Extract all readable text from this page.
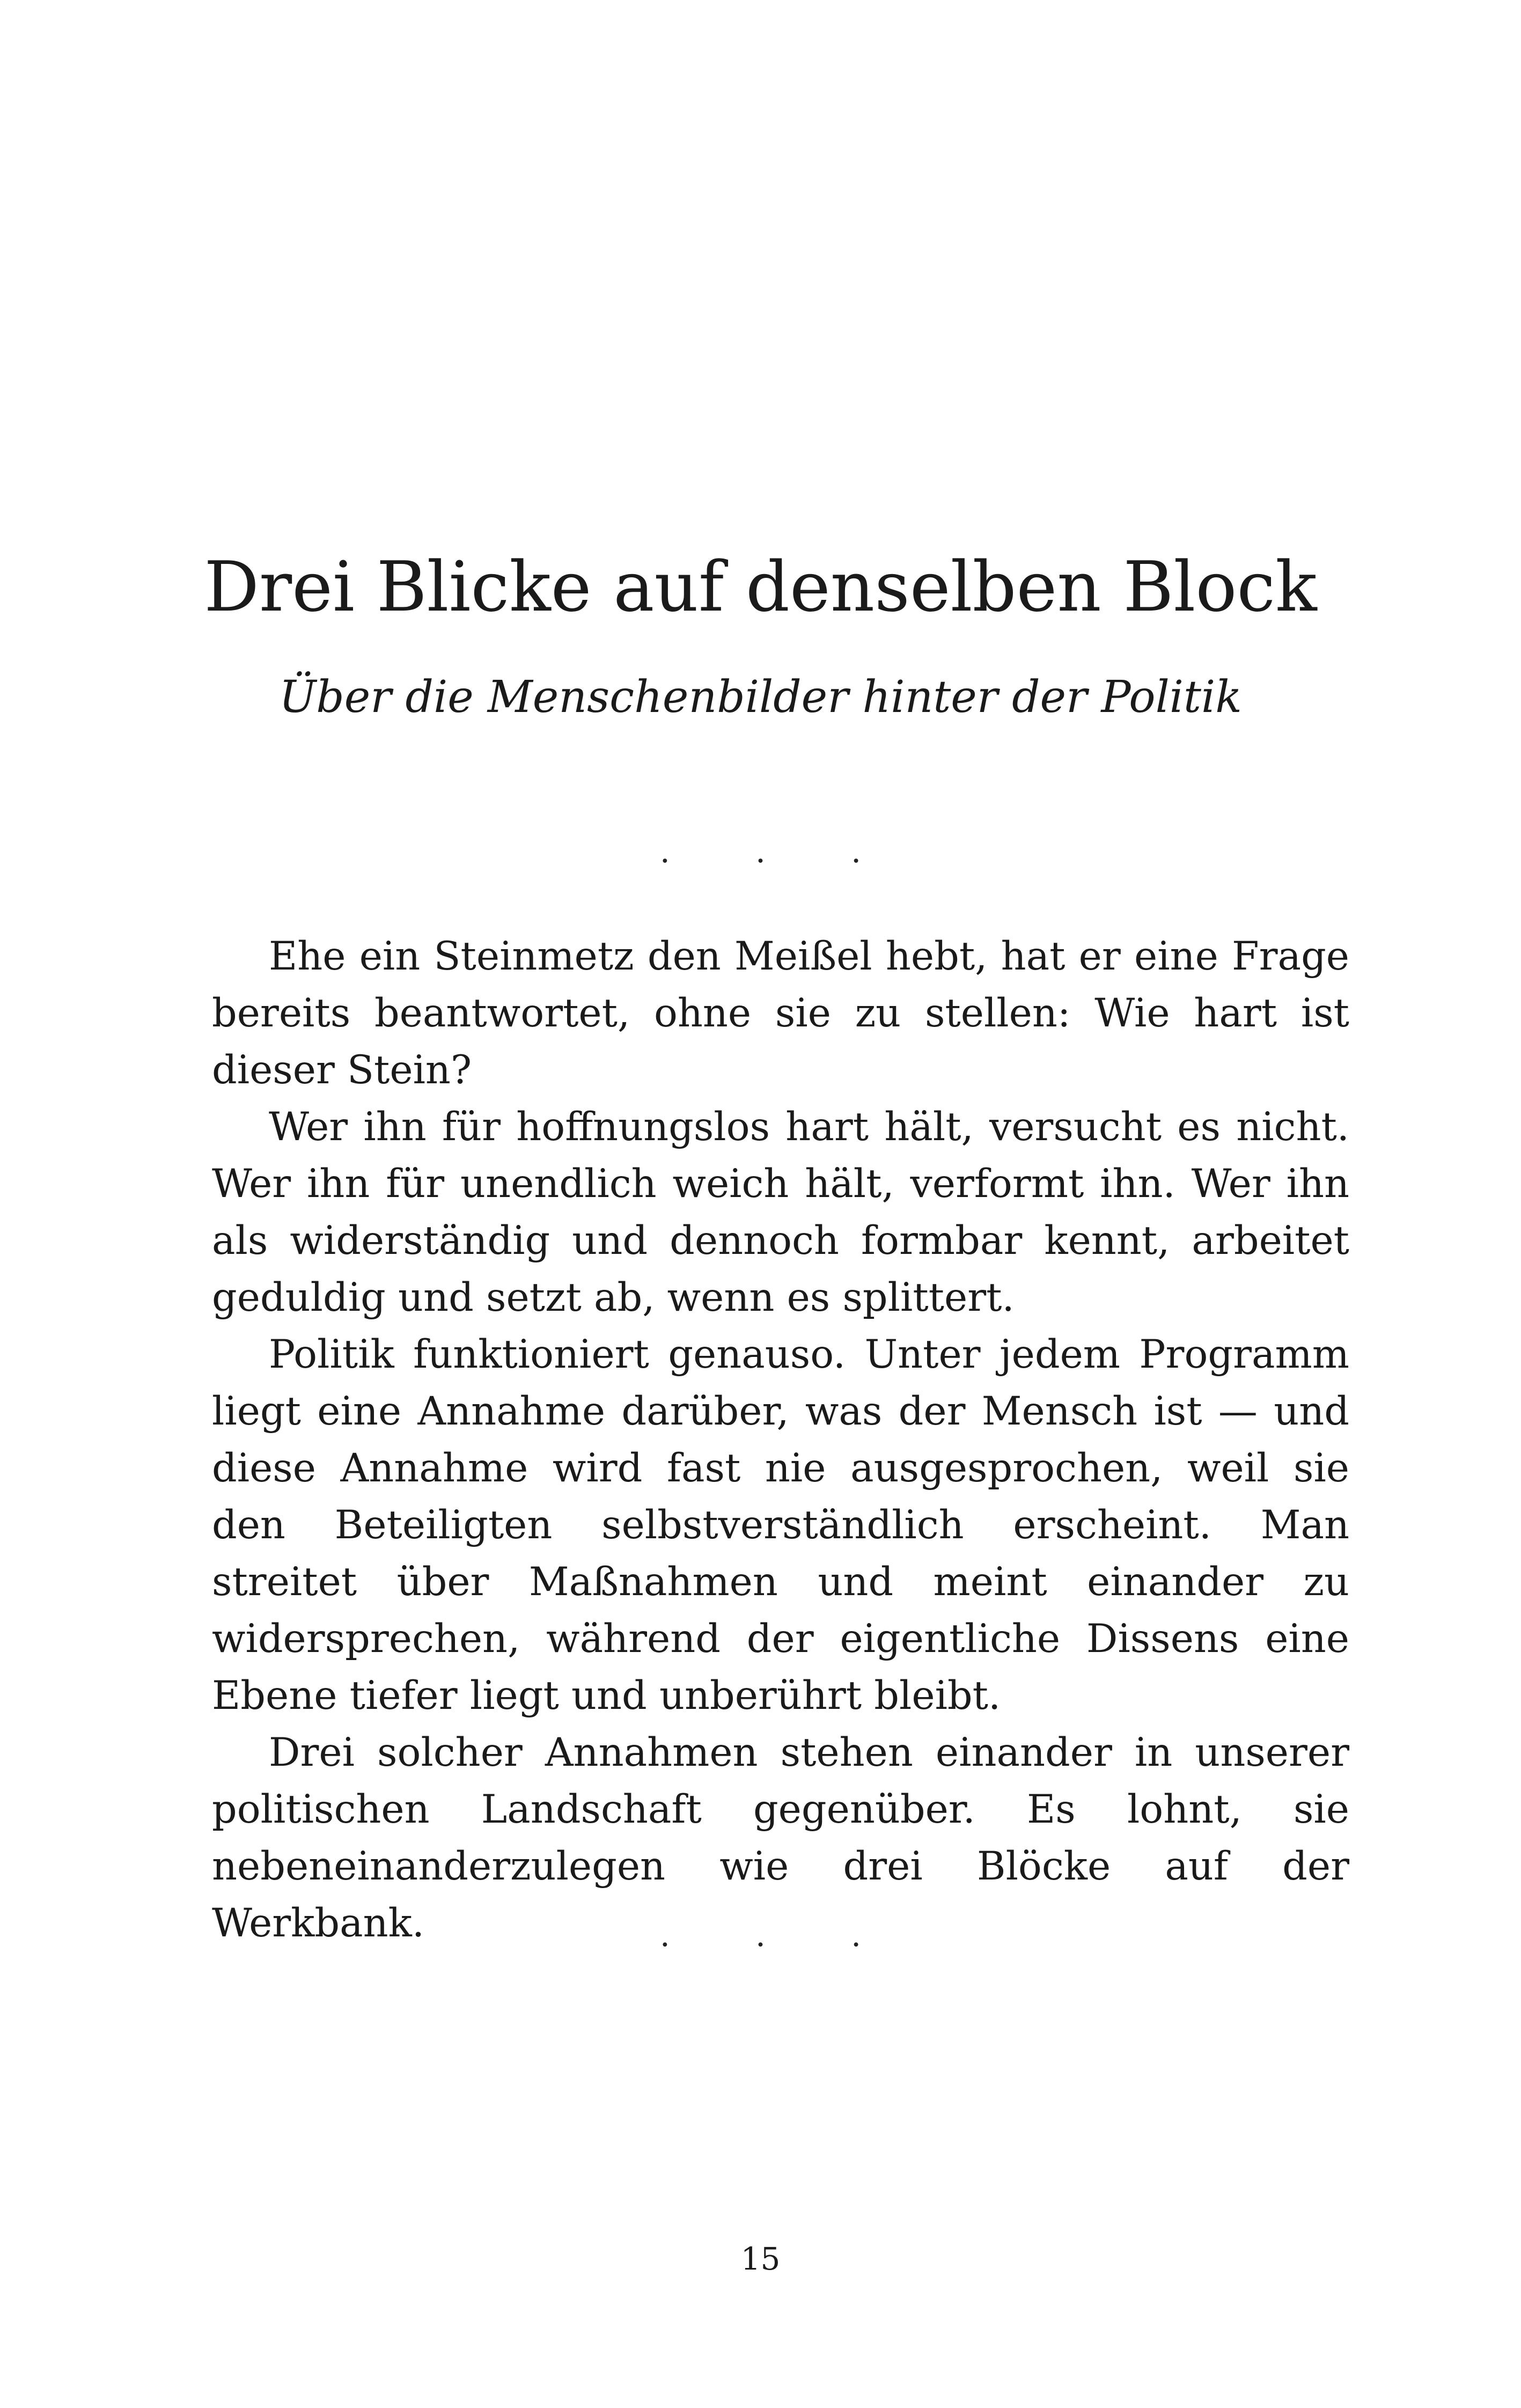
Drei Blicke auf denselben Block
Über die Menschenbilder hinter der Politik
· · ·

Ehe ein Steinmetz den Meißel hebt, hat er eine Frage bereits beantwortet, ohne sie zu stellen: Wie hart ist dieser Stein?

Wer ihn für hoffnungslos hart hält, versucht es nicht. Wer ihn für unendlich weich hält, verformt ihn. Wer ihn als widerständig und dennoch formbar kennt, arbeitet geduldig und setzt ab, wenn es splittert.

Politik funktioniert genauso. Unter jedem Programm liegt eine Annahme darüber, was der Mensch ist — und diese Annahme wird fast nie ausgesprochen, weil sie den Beteiligten selbstverständlich erscheint. Man streitet über Maßnahmen und meint einander zu widersprechen, während der eigentliche Dissens eine Ebene tiefer liegt und unberührt bleibt.

Drei solcher Annahmen stehen einander in unserer politischen Landschaft gegenüber. Es lohnt, sie nebeneinanderzulegen wie drei Blöcke auf der Werkbank.	· · ·
15
